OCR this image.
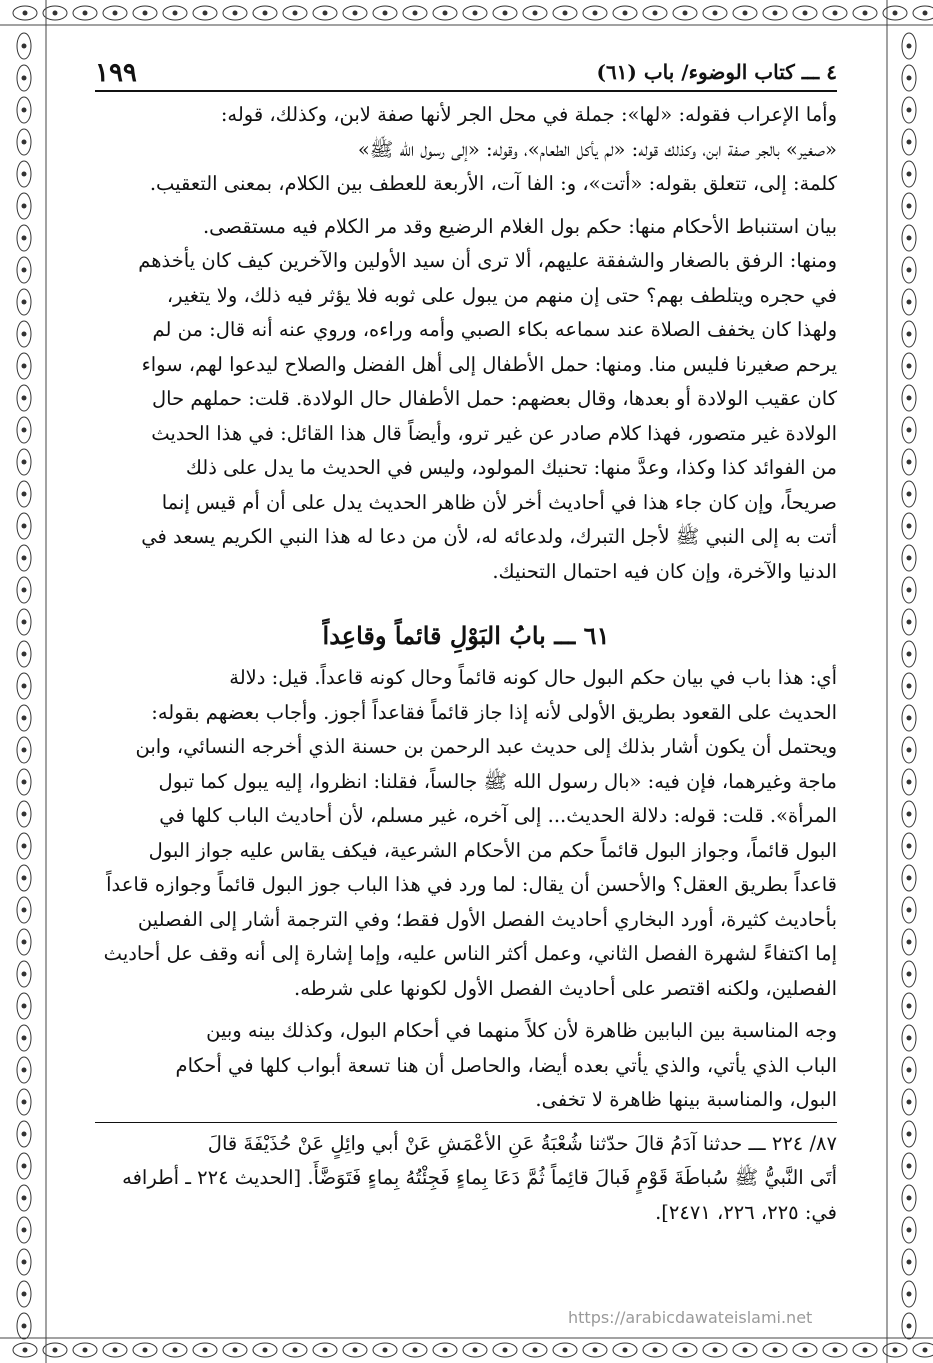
٤ ـــ كتاب الوضوء/ باب (٦١)
١٩٩

وأما الإعراب فقوله: «لها»: جملة في محل الجر لأنها صفة لابن، وكذلك، قوله:

«صغير» بالجر صفة ابن، وكذلك قوله: «لم يأكل الطعام»، وقوله: «إلى رسول الله ﷺ»

كلمة: إلى، تتعلق بقوله: «أتت»، و: الفا آت، الأربعة للعطف بين الكلام، بمعنى التعقيب.

بيان استنباط الأحكام منها: حكم بول الغلام الرضيع وقد مر الكلام فيه مستقصى.

ومنها: الرفق بالصغار والشفقة عليهم، ألا ترى أن سيد الأولين والآخرين كيف كان يأخذهم

في حجره ويتلطف بهم؟ حتى إن منهم من يبول على ثوبه فلا يؤثر فيه ذلك، ولا يتغير،

ولهذا كان يخفف الصلاة عند سماعه بكاء الصبي وأمه وراءه، وروي عنه أنه قال: من لم

يرحم صغيرنا فليس منا. ومنها: حمل الأطفال إلى أهل الفضل والصلاح ليدعوا لهم، سواء

كان عقيب الولادة أو بعدها، وقال بعضهم: حمل الأطفال حال الولادة. قلت: حملهم حال

الولادة غير متصور، فهذا كلام صادر عن غير ترو، وأيضاً قال هذا القائل: في هذا الحديث

من الفوائد كذا وكذا، وعدَّ منها: تحنيك المولود، وليس في الحديث ما يدل على ذلك

صريحاً، وإن كان جاء هذا في أحاديث أخر لأن ظاهر الحديث يدل على أن أم قيس إنما

أتت به إلى النبي ﷺ لأجل التبرك، ولدعائه له، لأن من دعا له هذا النبي الكريم يسعد في

الدنيا والآخرة، وإن كان فيه احتمال التحنيك.

٦١ ـــ بابُ البَوْلِ قائماً وقاعِداً

أي: هذا باب في بيان حكم البول حال كونه قائماً وحال كونه قاعداً. قيل: دلالة

الحديث على القعود بطريق الأولى لأنه إذا جاز قائماً فقاعداً أجوز. وأجاب بعضهم بقوله:

ويحتمل أن يكون أشار بذلك إلى حديث عبد الرحمن بن حسنة الذي أخرجه النسائي، وابن

ماجة وغيرهما، فإن فيه: «بال رسول الله ﷺ جالساً، فقلنا: انظروا، إليه يبول كما تبول

المرأة». قلت: قوله: دلالة الحديث... إلى آخره، غير مسلم، لأن أحاديث الباب كلها في

البول قائماً، وجواز البول قائماً حكم من الأحكام الشرعية، فيكف يقاس عليه جواز البول

قاعداً بطريق العقل؟ والأحسن أن يقال: لما ورد في هذا الباب جوز البول قائماً وجوازه قاعداً

بأحاديث كثيرة، أورد البخاري أحاديث الفصل الأول فقط؛ وفي الترجمة أشار إلى الفصلين

إما اكتفاءً لشهرة الفصل الثاني، وعمل أكثر الناس عليه، وإما إشارة إلى أنه وقف عل أحاديث

الفصلين، ولكنه اقتصر على أحاديث الفصل الأول لكونها على شرطه.

وجه المناسبة بين البابين ظاهرة لأن كلاً منهما في أحكام البول، وكذلك بينه وبين

الباب الذي يأتي، والذي يأتي بعده أيضا، والحاصل أن هنا تسعة أبواب كلها في أحكام

البول، والمناسبة بينها ظاهرة لا تخفى.

٨٧/ ٢٢٤ ـــ حدثنا آدَمُ قالَ حدّثنا شُعْبَةُ عَنِ الأعْمَشِ عَنْ أبي وائِلٍ عَنْ حُذَيْفَةَ قالَ

أتَى النَّبيُّ ﷺ سُباطَةَ قَوْمٍ فَبالَ قائِماً ثُمَّ دَعَا بِماءٍ فَجِئْتُهُ بِماءٍ فَتَوَضَّأَ. [الحديث ٢٢٤ ـ أطرافه

في: ٢٢٥، ٢٢٦، ٢٤٧١].

https://arabicdawateislami.net
